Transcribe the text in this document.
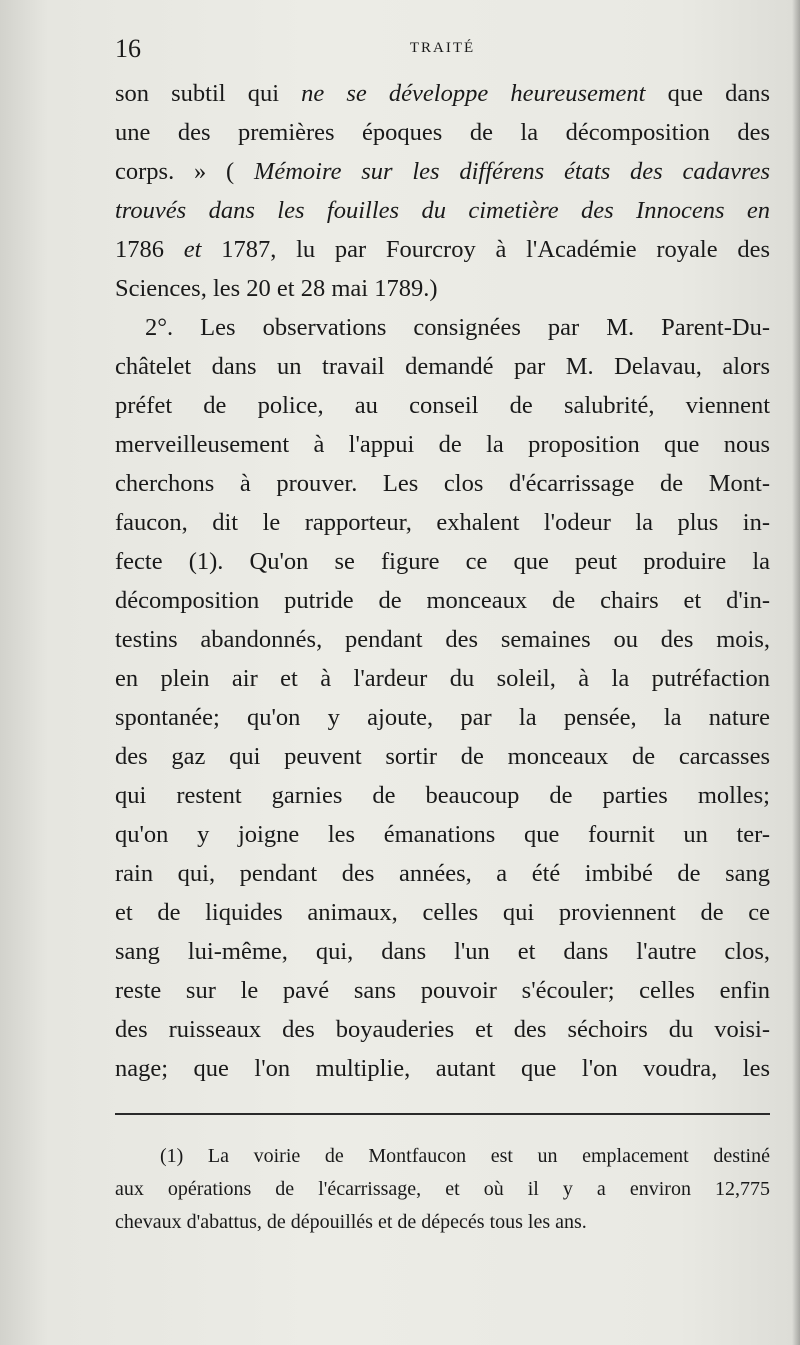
16	TRAITÉ
son subtil qui ne se développe heureusement que dans
une des premières époques de la décomposition des
corps. » ( Mémoire sur les différens états des cadavres
trouvés dans les fouilles du cimetière des Innocens en
1786 et 1787, lu par Fourcroy à l'Académie royale des
Sciences, les 20 et 28 mai 1789.)
2°. Les observations consignées par M. Parent-Du-
châtelet dans un travail demandé par M. Delavau, alors
préfet de police, au conseil de salubrité, viennent
merveilleusement à l'appui de la proposition que nous
cherchons à prouver. Les clos d'écarrissage de Mont-
faucon, dit le rapporteur, exhalent l'odeur la plus in-
fecte (1). Qu'on se figure ce que peut produire la
décomposition putride de monceaux de chairs et d'in-
testins abandonnés, pendant des semaines ou des mois,
en plein air et à l'ardeur du soleil, à la putréfaction
spontanée; qu'on y ajoute, par la pensée, la nature
des gaz qui peuvent sortir de monceaux de carcasses
qui restent garnies de beaucoup de parties molles;
qu'on y joigne les émanations que fournit un ter-
rain qui, pendant des années, a été imbibé de sang
et de liquides animaux, celles qui proviennent de ce
sang lui-même, qui, dans l'un et dans l'autre clos,
reste sur le pavé sans pouvoir s'écouler; celles enfin
des ruisseaux des boyauderies et des séchoirs du voisi-
nage; que l'on multiplie, autant que l'on voudra, les
(1) La voirie de Montfaucon est un emplacement destiné
aux opérations de l'écarrissage, et où il y a environ 12,775
chevaux d'abattus, de dépouillés et de dépecés tous les ans.
